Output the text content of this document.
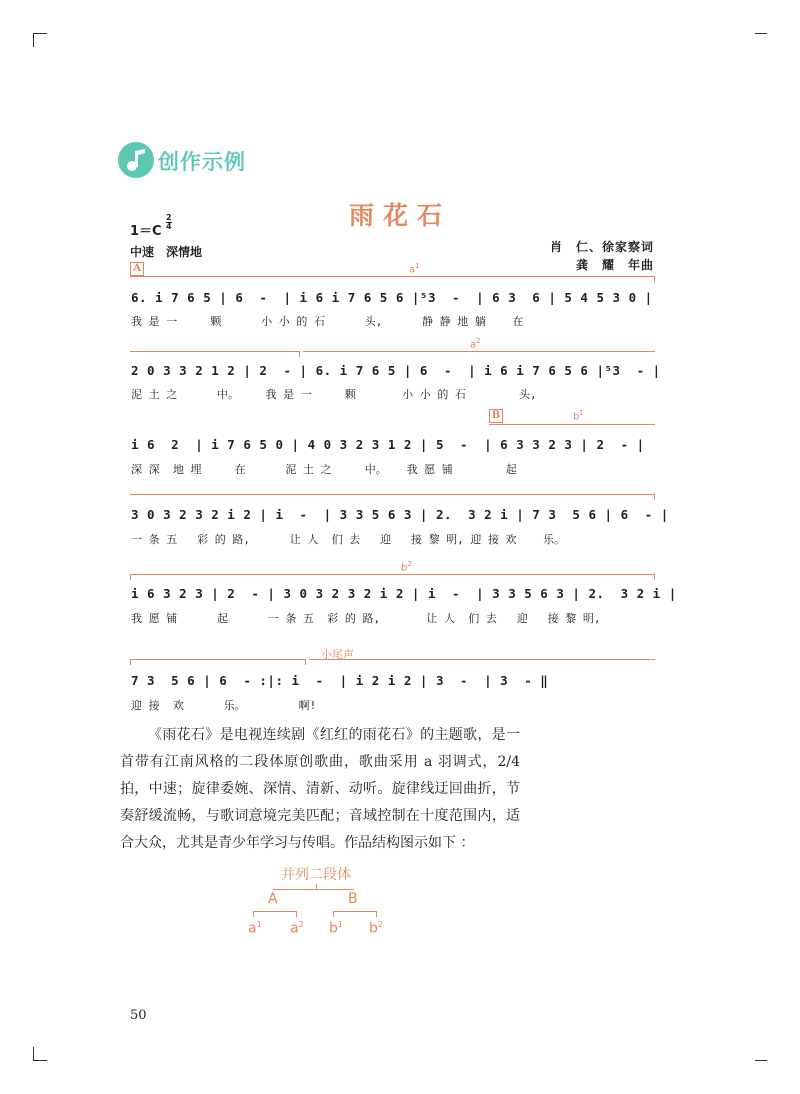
创作示例
雨花石
1＝C
$\frac{2}{4}$
中速　深情地	肖　仁、徐家察词
龚　耀　年曲
A	$a^1$
6. i 7 6 5 | 6  -  | i 6 i 7 6 5 6 |⁵3  -  | 6 3  6 | 5 4 5 3 0 |
我 是 一     颗      小 小 的 石      头,      静 静 地 躺    在
$a^2$
2 0 3 3 2 1 2 | 2  - | 6. i 7 6 5 | 6  -  | i 6 i 7 6 5 6 |⁵3  - |
泥 土 之      中。    我 是 一     颗       小 小 的 石        头,
B	$b^1$
i 6  2  | i 7 6 5 0 | 4 0 3 2 3 1 2 | 5  -  | 6 3 3 2 3 | 2  - |
深 深  地 埋     在      泥 土 之     中。   我 愿 铺        起
3 0 3 2 3 2 i 2 | i  -  | 3 3 5 6 3 | 2.  3 2 i | 7 3  5 6 | 6  - |
一 条 五   彩 的 路,      让 人  们 去   迎   接 黎 明, 迎 接 欢    乐。
$b^2$
i 6 3 2 3 | 2  - | 3 0 3 2 3 2 i 2 | i  -  | 3 3 5 6 3 | 2.  3 2 i |
我 愿 铺      起      一 条 五  彩 的 路,       让 人  们 去   迎   接 黎 明,
小尾声
7 3  5 6 | 6  - :|: i  -  | i 2 i 2 | 3  -  | 3  - ‖
迎 接  欢      乐。        啊!

《雨花石》是电视连续剧《红红的雨花石》的主题歌，是一首带有江南风格的二段体原创歌曲，歌曲采用 a 羽调式，2/4 拍，中速；旋律委婉、深情、清新、动听。旋律线迂回曲折，节奏舒缓流畅，与歌词意境完美匹配；音域控制在十度范围内，适合大众，尤其是青少年学习与传唱。作品结构图示如下 ：

并列二段体
A	B
$a^1$ $a^2$ $b^1$ $b^2$
50
